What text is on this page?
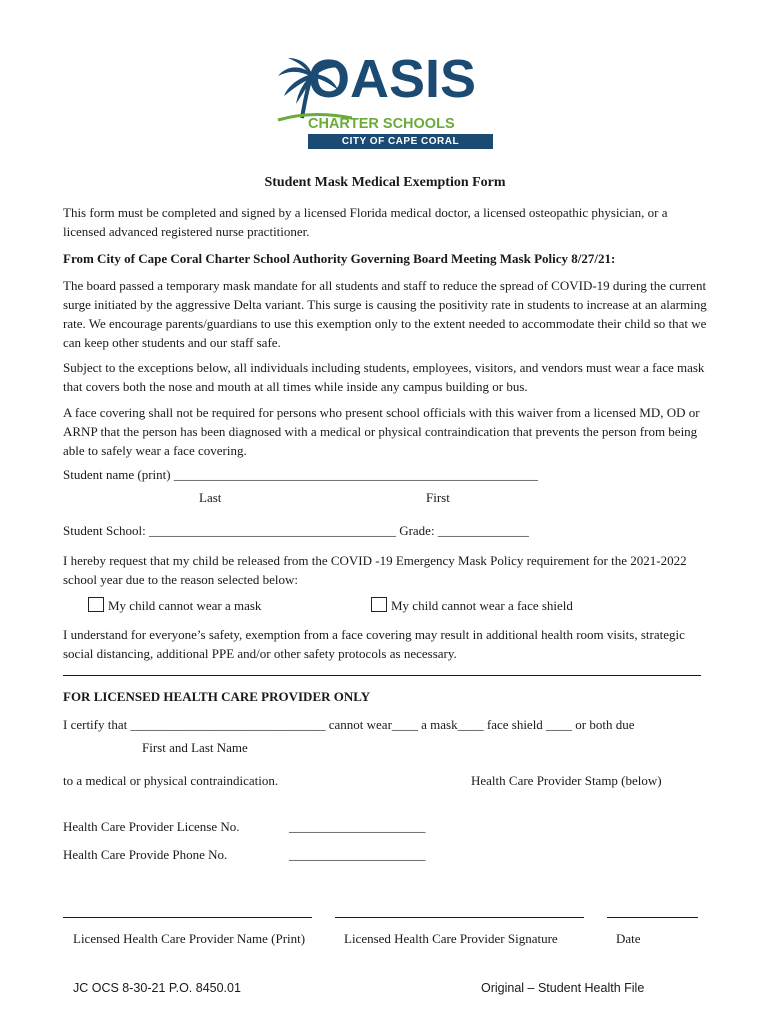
OASIS
CHARTER SCHOOLS
CITY OF CAPE CORAL
Student Mask Medical Exemption Form
This form must be completed and signed by a licensed Florida medical doctor, a licensed osteopathic physician, or a licensed advanced registered nurse practitioner.
From City of Cape Coral Charter School Authority Governing Board Meeting Mask Policy 8/27/21:
The board passed a temporary mask mandate for all students and staff to reduce the spread of COVID-19 during the current surge initiated by the aggressive Delta variant. This surge is causing the positivity rate in students to increase at an alarming rate. We encourage parents/guardians to use this exemption only to the extent needed to accommodate their child so that we can keep other students and our staff safe.
Subject to the exceptions below, all individuals including students, employees, visitors, and vendors must wear a face mask that covers both the nose and mouth at all times while inside any campus building or bus.
A face covering shall not be required for persons who present school officials with this waiver from a licensed MD, OD or ARNP that the person has been diagnosed with a medical or physical contraindication that prevents the person from being able to safely wear a face covering.
Student name (print) ________________________________________________________
Last	First
Student School: ______________________________________ Grade: ______________
I hereby request that my child be released from the COVID -19 Emergency Mask Policy requirement for the 2021-2022 school year due to the reason selected below:
My child cannot wear a mask	My child cannot wear a face shield
I understand for everyone’s safety, exemption from a face covering may result in additional health room visits, strategic social distancing, additional PPE and/or other safety protocols as necessary.
FOR LICENSED HEALTH CARE PROVIDER ONLY
I certify that ______________________________ cannot wear____ a mask____ face shield ____ or both due
First and Last Name
to a medical or physical contraindication.	Health Care Provider Stamp (below)
Health Care Provider License No.	_____________________
Health Care Provide Phone No.	_____________________
Licensed Health Care Provider Name (Print)	Licensed Health Care Provider Signature	Date
JC OCS 8-30-21 P.O. 8450.01	Original – Student Health File
